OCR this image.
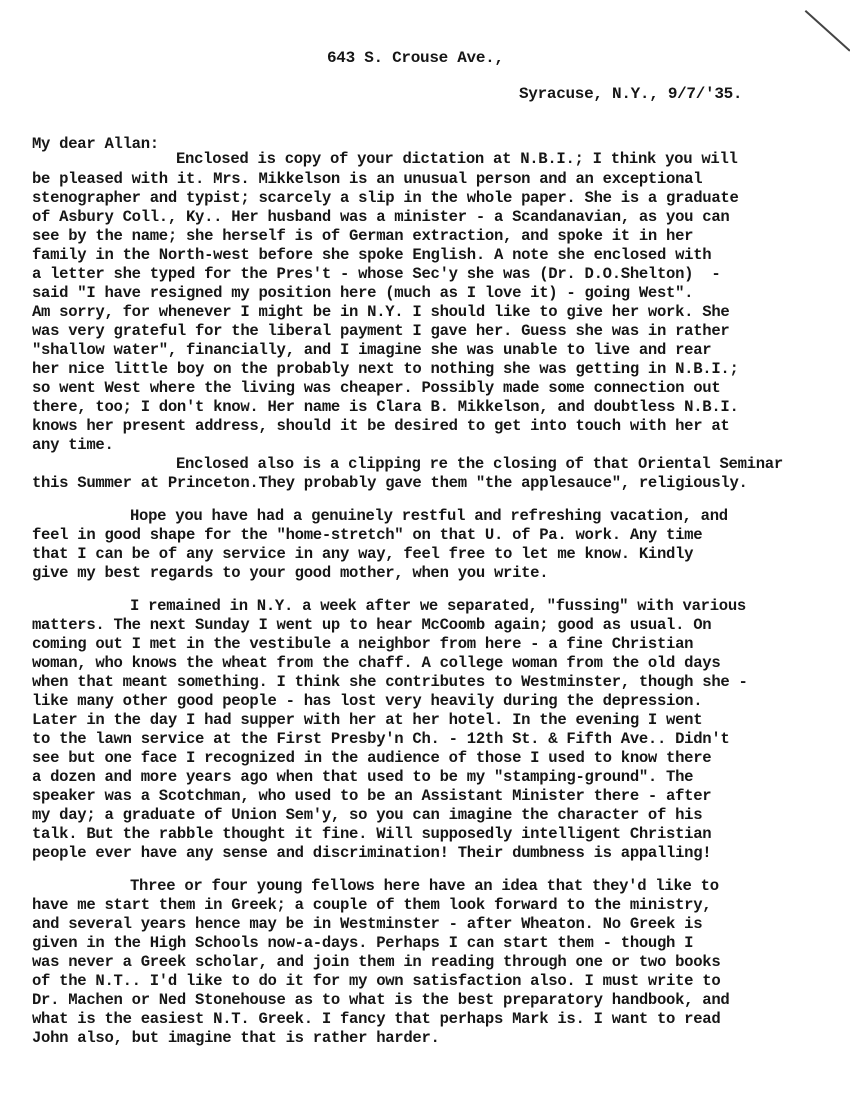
643 S. Crouse Ave.,
Syracuse, N.Y., 9/7/'35.
My dear Allan:
Enclosed is copy of your dictation at N.B.I.; I think you will
be pleased with it. Mrs. Mikkelson is an unusual person and an exceptional
stenographer and typist; scarcely a slip in the whole paper. She is a graduate
of Asbury Coll., Ky.. Her husband was a minister - a Scandanavian, as you can
see by the name; she herself is of German extraction, and spoke it in her
family in the North-west before she spoke English. A note she enclosed with
a letter she typed for the Pres't - whose Sec'y she was (Dr. D.O.Shelton)  -
said "I have resigned my position here (much as I love it) - going West".
Am sorry, for whenever I might be in N.Y. I should like to give her work. She
was very grateful for the liberal payment I gave her. Guess she was in rather
"shallow water", financially, and I imagine she was unable to live and rear
her nice little boy on the probably next to nothing she was getting in N.B.I.;
so went West where the living was cheaper. Possibly made some connection out
there, too; I don't know. Her name is Clara B. Mikkelson, and doubtless N.B.I.
knows her present address, should it be desired to get into touch with her at
any time.
Enclosed also is a clipping re the closing of that Oriental Seminar
this Summer at Princeton.They probably gave them "the applesauce", religiously.
Hope you have had a genuinely restful and refreshing vacation, and
feel in good shape for the "home-stretch" on that U. of Pa. work. Any time
that I can be of any service in any way, feel free to let me know. Kindly
give my best regards to your good mother, when you write.
I remained in N.Y. a week after we separated, "fussing" with various
matters. The next Sunday I went up to hear McCoomb again; good as usual. On
coming out I met in the vestibule a neighbor from here - a fine Christian
woman, who knows the wheat from the chaff. A college woman from the old days
when that meant something. I think she contributes to Westminster, though she -
like many other good people - has lost very heavily during the depression.
Later in the day I had supper with her at her hotel. In the evening I went
to the lawn service at the First Presby'n Ch. - 12th St. & Fifth Ave.. Didn't
see but one face I recognized in the audience of those I used to know there
a dozen and more years ago when that used to be my "stamping-ground". The
speaker was a Scotchman, who used to be an Assistant Minister there - after
my day; a graduate of Union Sem'y, so you can imagine the character of his
talk. But the rabble thought it fine. Will supposedly intelligent Christian
people ever have any sense and discrimination! Their dumbness is appalling!
Three or four young fellows here have an idea that they'd like to
have me start them in Greek; a couple of them look forward to the ministry,
and several years hence may be in Westminster - after Wheaton. No Greek is
given in the High Schools now-a-days. Perhaps I can start them - though I
was never a Greek scholar, and join them in reading through one or two books
of the N.T.. I'd like to do it for my own satisfaction also. I must write to
Dr. Machen or Ned Stonehouse as to what is the best preparatory handbook, and
what is the easiest N.T. Greek. I fancy that perhaps Mark is. I want to read
John also, but imagine that is rather harder.
